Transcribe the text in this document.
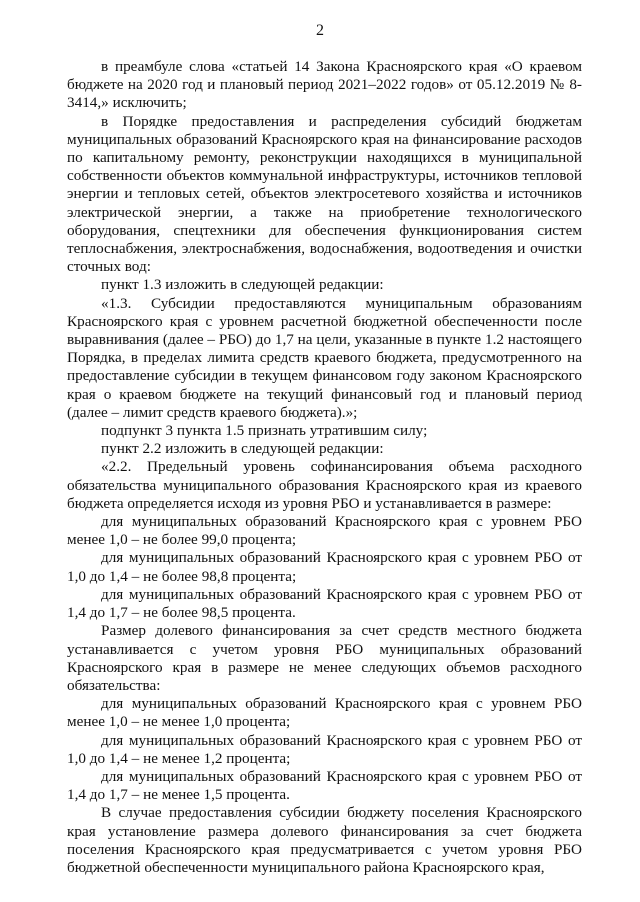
2

в преамбуле слова «статьей 14 Закона Красноярского края «О краевом бюджете на 2020 год и плановый период 2021–2022 годов» от 05.12.2019 № 8-3414,» исключить;

в Порядке предоставления и распределения субсидий бюджетам муниципальных образований Красноярского края на финансирование расходов по капитальному ремонту, реконструкции находящихся в муниципальной собственности объектов коммунальной инфраструктуры, источников тепловой энергии и тепловых сетей, объектов электросетевого хозяйства и источников электрической энергии, а также на приобретение технологического оборудования, спецтехники для обеспечения функционирования систем теплоснабжения, электроснабжения, водоснабжения, водоотведения и очистки сточных вод:

пункт 1.3 изложить в следующей редакции:

«1.3. Субсидии предоставляются муниципальным образованиям Красноярского края с уровнем расчетной бюджетной обеспеченности после выравнивания (далее – РБО) до 1,7 на цели, указанные в пункте 1.2 настоящего Порядка, в пределах лимита средств краевого бюджета, предусмотренного на предоставление субсидии в текущем финансовом году законом Красноярского края о краевом бюджете на текущий финансовый год и плановый период (далее – лимит средств краевого бюджета).»;

подпункт 3 пункта 1.5 признать утратившим силу;

пункт 2.2 изложить в следующей редакции:

«2.2. Предельный уровень софинансирования объема расходного обязательства муниципального образования Красноярского края из краевого бюджета определяется исходя из уровня РБО и устанавливается в размере:

для муниципальных образований Красноярского края с уровнем РБО менее 1,0 – не более 99,0 процента;

для муниципальных образований Красноярского края с уровнем РБО от 1,0 до 1,4 – не более 98,8 процента;

для муниципальных образований Красноярского края с уровнем РБО от 1,4 до 1,7 – не более 98,5 процента.

Размер долевого финансирования за счет средств местного бюджета устанавливается с учетом уровня РБО муниципальных образований Красноярского края в размере не менее следующих объемов расходного обязательства:

для муниципальных образований Красноярского края с уровнем РБО менее 1,0 – не менее 1,0 процента;

для муниципальных образований Красноярского края с уровнем РБО от 1,0 до 1,4 – не менее 1,2 процента;

для муниципальных образований Красноярского края с уровнем РБО от 1,4 до 1,7 – не менее 1,5 процента.

В случае предоставления субсидии бюджету поселения Красноярского края установление размера долевого финансирования за счет бюджета поселения Красноярского края предусматривается с учетом уровня РБО бюджетной обеспеченности муниципального района Красноярского края,
